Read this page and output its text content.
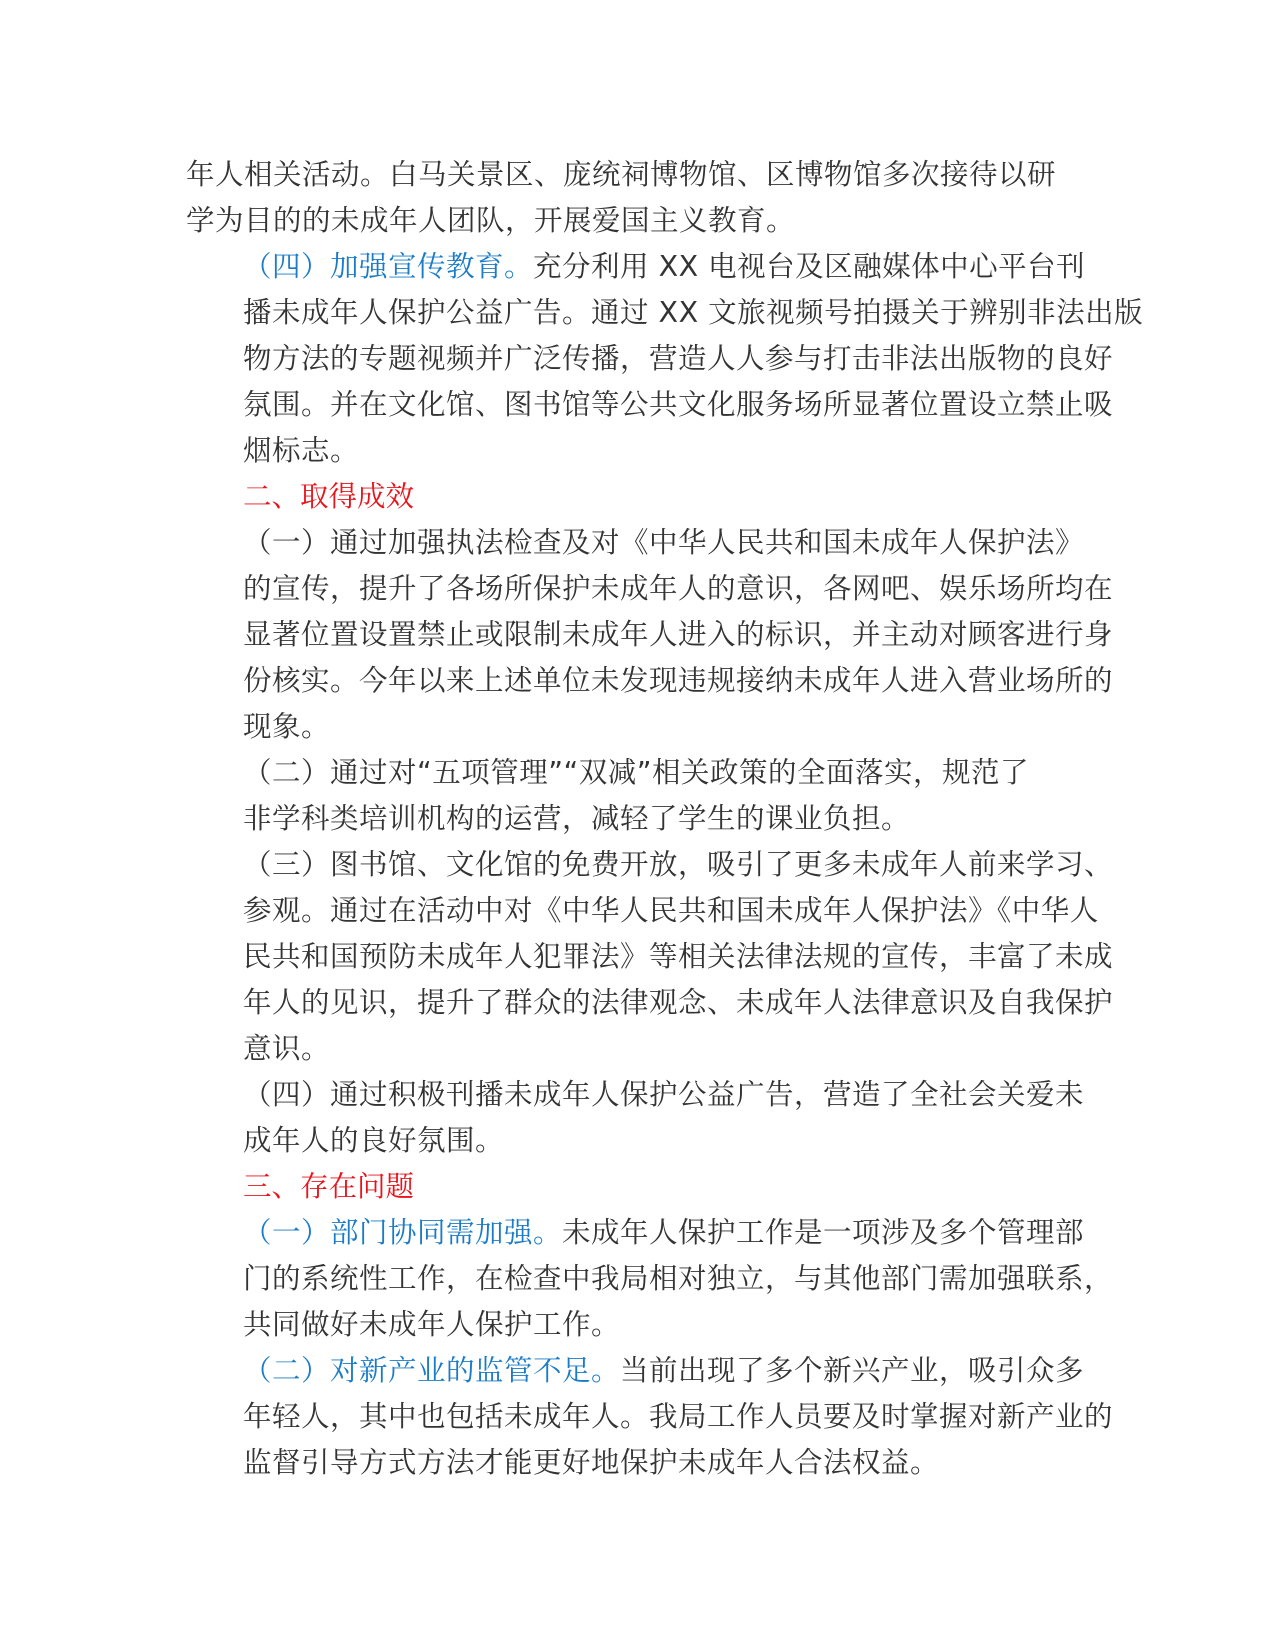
年人相关活动。白马关景区、庞统祠博物馆、区博物馆多次接待以研
学为目的的未成年人团队，开展爱国主义教育。

（四）加强宣传教育。充分利用 XX 电视台及区融媒体中心平台刊
播未成年人保护公益广告。通过 XX 文旅视频号拍摄关于辨别非法出版
物方法的专题视频并广泛传播，营造人人参与打击非法出版物的良好
氛围。并在文化馆、图书馆等公共文化服务场所显著位置设立禁止吸
烟标志。

二、取得成效

（一）通过加强执法检查及对《中华人民共和国未成年人保护法》
的宣传，提升了各场所保护未成年人的意识，各网吧、娱乐场所均在
显著位置设置禁止或限制未成年人进入的标识，并主动对顾客进行身
份核实。今年以来上述单位未发现违规接纳未成年人进入营业场所的
现象。

（二）通过对“五项管理”“双减”相关政策的全面落实，规范了
非学科类培训机构的运营，减轻了学生的课业负担。

（三）图书馆、文化馆的免费开放，吸引了更多未成年人前来学习、
参观。通过在活动中对《中华人民共和国未成年人保护法》《中华人
民共和国预防未成年人犯罪法》等相关法律法规的宣传，丰富了未成
年人的见识，提升了群众的法律观念、未成年人法律意识及自我保护
意识。

（四）通过积极刊播未成年人保护公益广告，营造了全社会关爱未
成年人的良好氛围。

三、存在问题

（一）部门协同需加强。未成年人保护工作是一项涉及多个管理部
门的系统性工作，在检查中我局相对独立，与其他部门需加强联系，
共同做好未成年人保护工作。

（二）对新产业的监管不足。当前出现了多个新兴产业，吸引众多
年轻人，其中也包括未成年人。我局工作人员要及时掌握对新产业的
监督引导方式方法才能更好地保护未成年人合法权益。
